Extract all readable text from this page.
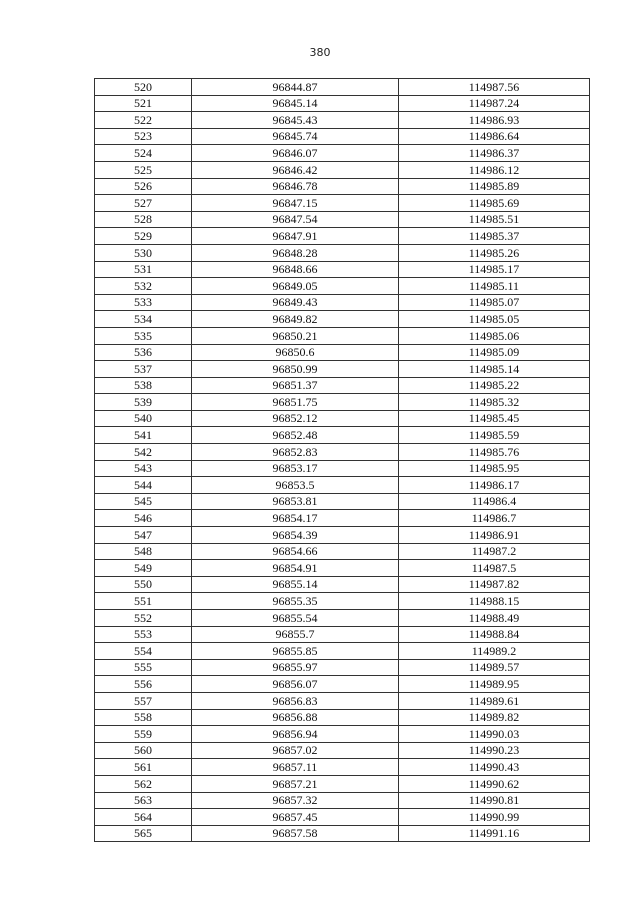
380
520	96844.87	114987.56
521	96845.14	114987.24
522	96845.43	114986.93
523	96845.74	114986.64
524	96846.07	114986.37
525	96846.42	114986.12
526	96846.78	114985.89
527	96847.15	114985.69
528	96847.54	114985.51
529	96847.91	114985.37
530	96848.28	114985.26
531	96848.66	114985.17
532	96849.05	114985.11
533	96849.43	114985.07
534	96849.82	114985.05
535	96850.21	114985.06
536	96850.6	114985.09
537	96850.99	114985.14
538	96851.37	114985.22
539	96851.75	114985.32
540	96852.12	114985.45
541	96852.48	114985.59
542	96852.83	114985.76
543	96853.17	114985.95
544	96853.5	114986.17
545	96853.81	114986.4
546	96854.17	114986.7
547	96854.39	114986.91
548	96854.66	114987.2
549	96854.91	114987.5
550	96855.14	114987.82
551	96855.35	114988.15
552	96855.54	114988.49
553	96855.7	114988.84
554	96855.85	114989.2
555	96855.97	114989.57
556	96856.07	114989.95
557	96856.83	114989.61
558	96856.88	114989.82
559	96856.94	114990.03
560	96857.02	114990.23
561	96857.11	114990.43
562	96857.21	114990.62
563	96857.32	114990.81
564	96857.45	114990.99
565	96857.58	114991.16
